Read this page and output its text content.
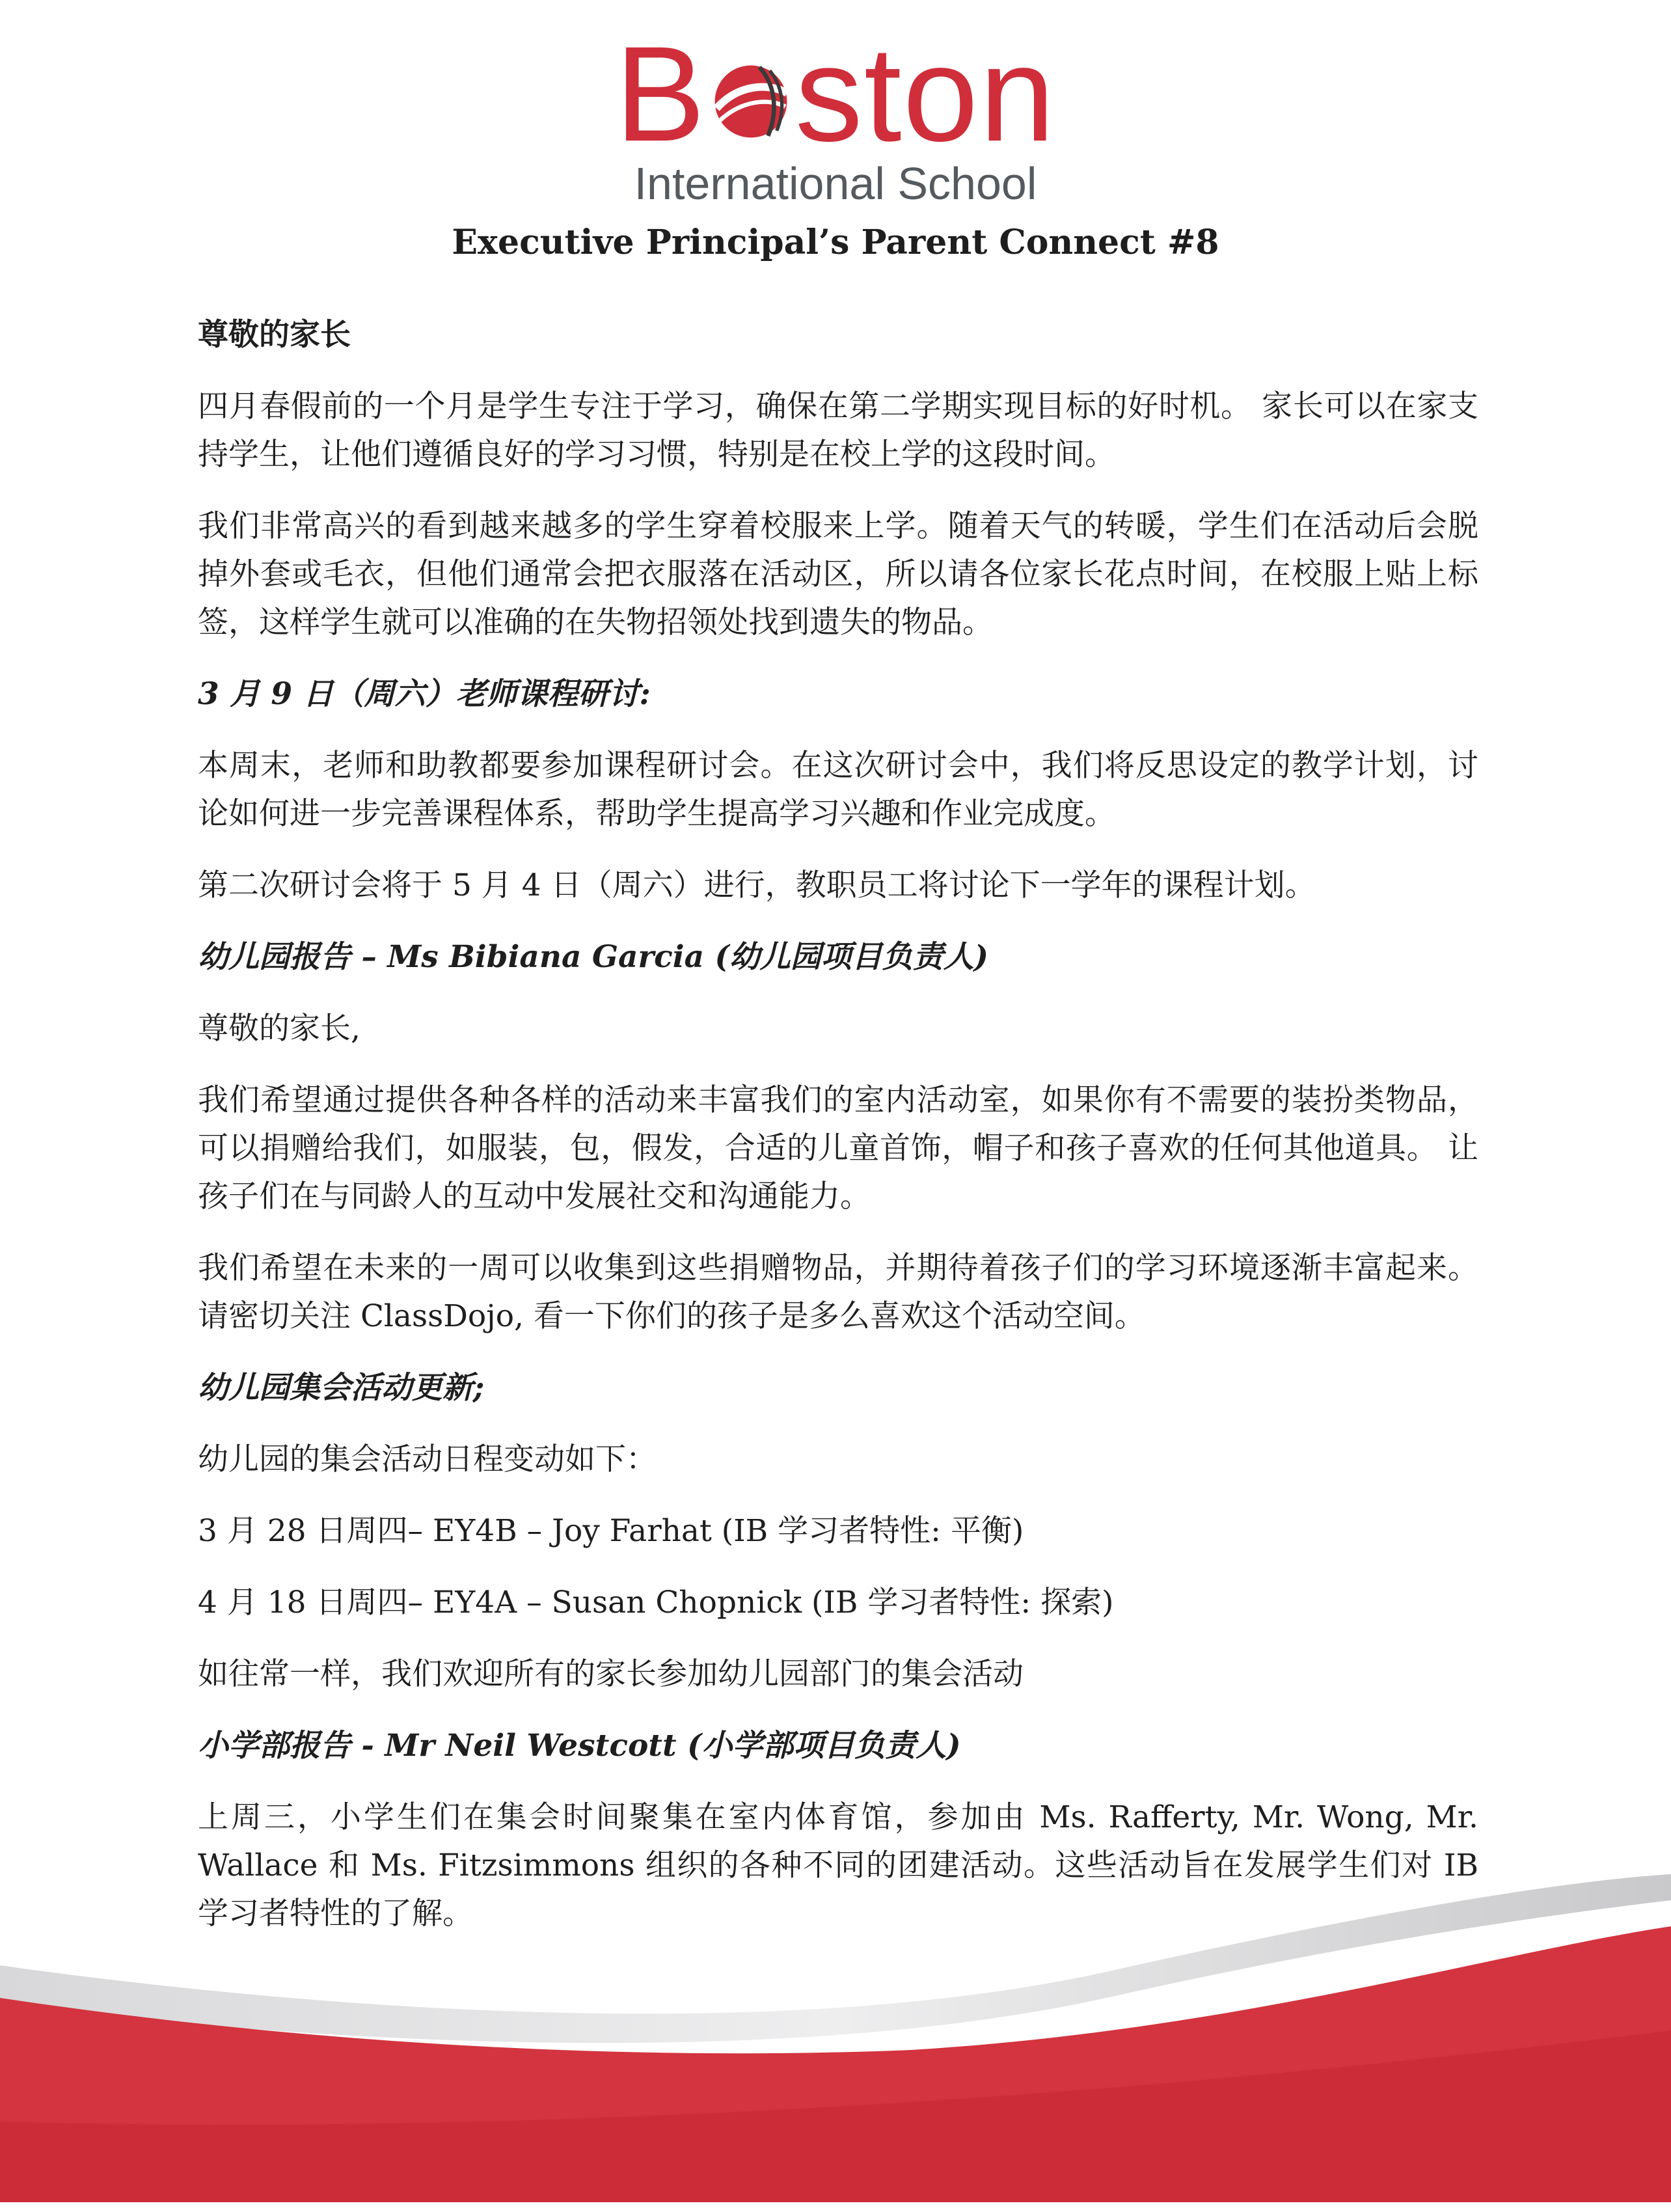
B ston
International School
Executive Principal’s Parent Connect #8
尊敬的家长
四月春假前的一个月是学生专注于学习，确保在第二学期实现目标的好时机。 家长可以在家支持学生，让他们遵循良好的学习习惯，特别是在校上学的这段时间。
我们非常高兴的看到越来越多的学生穿着校服来上学。随着天气的转暖，学生们在活动后会脱掉外套或毛衣，但他们通常会把衣服落在活动区，所以请各位家长花点时间，在校服上贴上标签，这样学生就可以准确的在失物招领处找到遗失的物品。
3 月 9 日（周六）老师课程研讨:
本周末，老师和助教都要参加课程研讨会。在这次研讨会中，我们将反思设定的教学计划，讨论如何进一步完善课程体系，帮助学生提高学习兴趣和作业完成度。
第二次研讨会将于 5 月 4 日（周六）进行，教职员工将讨论下一学年的课程计划。
幼儿园报告 – Ms Bibiana Garcia (幼儿园项目负责人)
尊敬的家长,
我们希望通过提供各种各样的活动来丰富我们的室内活动室，如果你有不需要的装扮类物品，可以捐赠给我们，如服装，包，假发，合适的儿童首饰，帽子和孩子喜欢的任何其他道具。 让孩子们在与同龄人的互动中发展社交和沟通能力。
我们希望在未来的一周可以收集到这些捐赠物品，并期待着孩子们的学习环境逐渐丰富起来。请密切关注 ClassDojo, 看一下你们的孩子是多么喜欢这个活动空间。
幼儿园集会活动更新;
幼儿园的集会活动日程变动如下：
3 月 28 日周四– EY4B – Joy Farhat (IB 学习者特性: 平衡)
4 月 18 日周四– EY4A – Susan Chopnick (IB 学习者特性: 探索)
如往常一样，我们欢迎所有的家长参加幼儿园部门的集会活动
小学部报告 - Mr Neil Westcott (小学部项目负责人)
上周三，小学生们在集会时间聚集在室内体育馆，参加由 Ms. Rafferty, Mr. Wong, Mr. Wallace 和 Ms. Fitzsimmons 组织的各种不同的团建活动。这些活动旨在发展学生们对 IB 学习者特性的了解。
